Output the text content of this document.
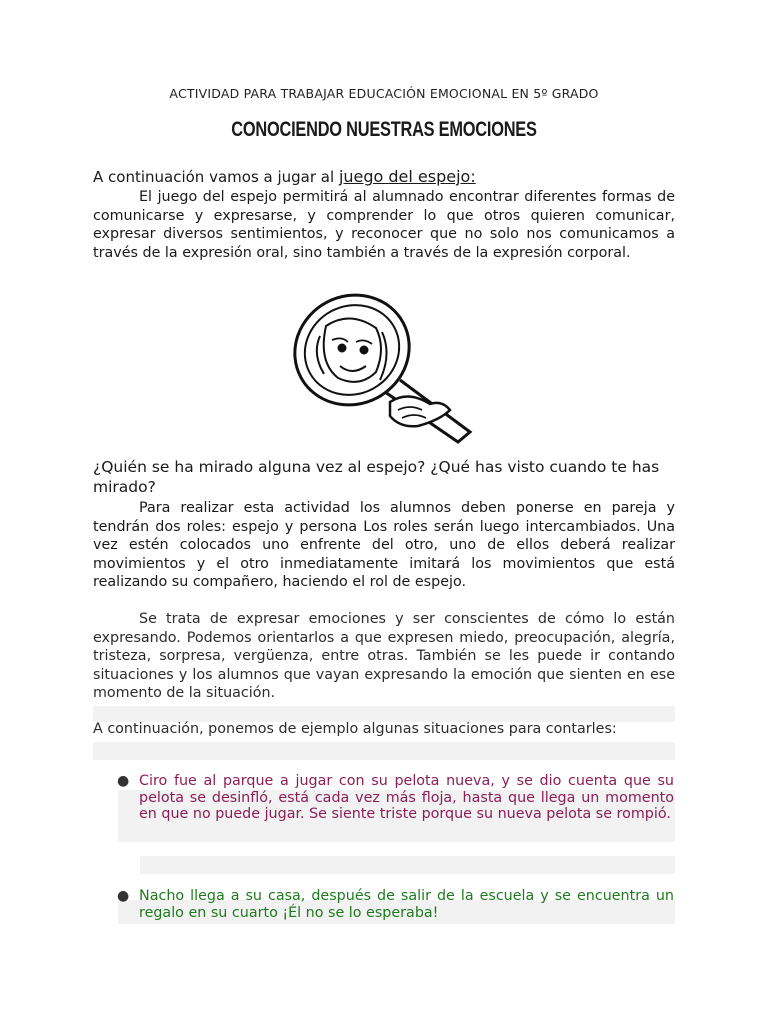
ACTIVIDAD PARA TRABAJAR EDUCACIÓN EMOCIONAL EN 5º GRADO
CONOCIENDO NUESTRAS EMOCIONES
A continuación vamos a jugar al juego del espejo:
El juego del espejo permitirá al alumnado encontrar diferentes formas de comunicarse y expresarse, y comprender lo que otros quieren comunicar, expresar diversos sentimientos, y reconocer que no solo nos comunicamos a través de la expresión oral, sino también a través de la expresión corporal.
¿Quién se ha mirado alguna vez al espejo? ¿Qué has visto cuando te has mirado?
Para realizar esta actividad los alumnos deben ponerse en pareja y tendrán dos roles: espejo y persona Los roles serán luego intercambiados. Una vez estén colocados uno enfrente del otro, uno de ellos deberá realizar movimientos y el otro inmediatamente imitará los movimientos que está realizando su compañero, haciendo el rol de espejo.
Se trata de expresar emociones y ser conscientes de cómo lo están expresando. Podemos orientarlos a que expresen miedo, preocupación, alegría, tristeza, sorpresa, vergüenza, entre otras. También se les puede ir contando situaciones y los alumnos que vayan expresando la emoción que sienten en ese momento de la situación.
A continuación, ponemos de ejemplo algunas situaciones para contarles:
● Ciro fue al parque a jugar con su pelota nueva, y se dio cuenta que su pelota se desinfló, está cada vez más floja, hasta que llega un momento en que no puede jugar. Se siente triste porque su nueva pelota se rompió.
● Nacho llega a su casa, después de salir de la escuela y se encuentra un regalo en su cuarto ¡Él no se lo esperaba!
